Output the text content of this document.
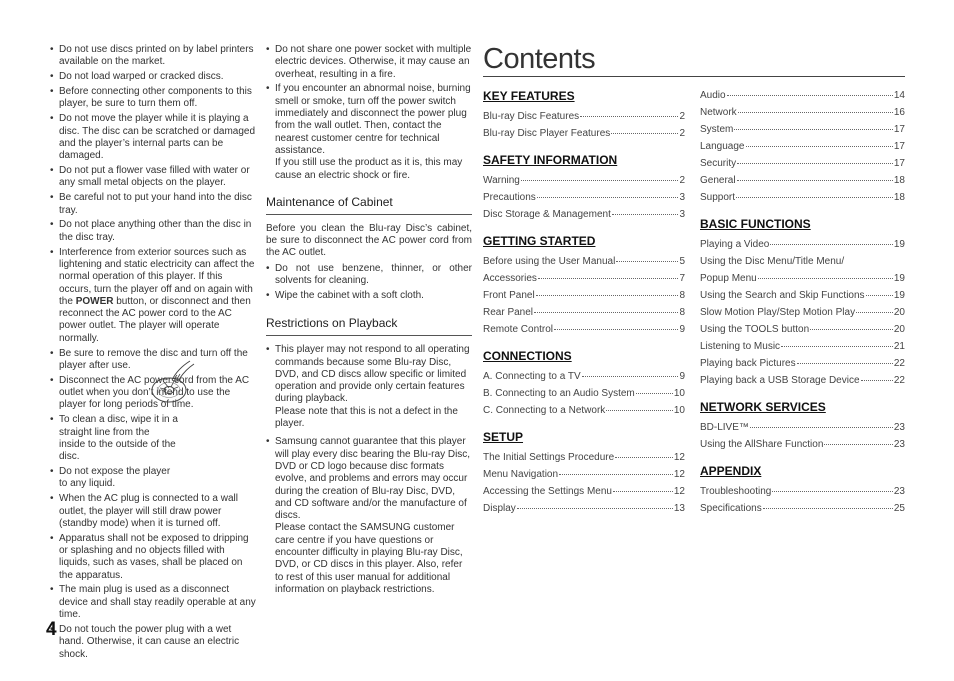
• Do not use discs printed on by label printers available on the market.
• Do not load warped or cracked discs.
• Before connecting other components to this player, be sure to turn them off.
• Do not move the player while it is playing a disc. The disc can be scratched or damaged and the player’s internal parts can be damaged.
• Do not put a flower vase filled with water or any small metal objects on the player.
• Be careful not to put your hand into the disc tray.
• Do not place anything other than the disc in the disc tray.
• Interference from exterior sources such as lightening and static electricity can affect the normal operation of this player. If this occurs, turn the player off and on again with the POWER button, or disconnect and then reconnect the AC power cord to the AC power outlet. The player will operate normally.
• Be sure to remove the disc and turn off the player after use.
• Disconnect the AC power cord from the AC outlet when you don’t intend to use the player for long periods of time.
• To clean a disc, wipe it in a straight line from the inside to the outside of the disc.
• Do not expose the player to any liquid.
• When the AC plug is connected to a wall outlet, the player will still draw power (standby mode) when it is turned off.
• Apparatus shall not be exposed to dripping or splashing and no objects filled with liquids, such as vases, shall be placed on the apparatus.
• The main plug is used as a disconnect device and shall stay readily operable at any time.
• Do not touch the power plug with a wet hand. Otherwise, it can cause an electric shock.
• Do not share one power socket with multiple electric devices. Otherwise, it may cause an overheat, resulting in a fire.
• If you encounter an abnormal noise, burning smell or smoke, turn off the power switch immediately and disconnect the power plug from the wall outlet. Then, contact the nearest customer centre for technical assistance.
If you still use the product as it is, this may cause an electric shock or fire.
Maintenance of Cabinet

Before you clean the Blu-ray Disc’s cabinet, be sure to disconnect the AC power cord from the AC outlet.

• Do not use benzene, thinner, or other solvents for cleaning.
• Wipe the cabinet with a soft cloth.
Restrictions on Playback
• This player may not respond to all operating commands because some Blu-ray Disc, DVD, and CD discs allow specific or limited operation and provide only certain features during playback.
Please note that this is not a defect in the player.
• Samsung cannot guarantee that this player will play every disc bearing the Blu-ray Disc, DVD or CD logo because disc formats evolve, and problems and errors may occur during the creation of Blu-ray Disc, DVD, and CD software and/or the manufacture of discs.
Please contact the SAMSUNG customer care centre if you have questions or encounter difficulty in playing Blu-ray Disc, DVD, or CD discs in this player. Also, refer to rest of this user manual for additional information on playback restrictions.
Contents
KEY FEATURES
Blu-ray Disc Features	2
Blu-ray Disc Player Features	2
SAFETY INFORMATION
Warning	2
Precautions	3
Disc Storage & Management	3
GETTING STARTED
Before using the User Manual	5
Accessories	7
Front Panel	8
Rear Panel	8
Remote Control	9
CONNECTIONS
A. Connecting to a TV	9
B. Connecting to an Audio System	10
C. Connecting to a Network	10
SETUP
The Initial Settings Procedure	12
Menu Navigation	12
Accessing the Settings Menu	12
Display	13
Audio	14
Network	16
System	17
Language	17
Security	17
General	18
Support	18
BASIC FUNCTIONS
Playing a Video	19
Using the Disc Menu/Title Menu/
Popup Menu	19
Using the Search and Skip Functions	19
Slow Motion Play/Step Motion Play	20
Using the TOOLS button	20
Listening to Music	21
Playing back Pictures	22
Playing back a USB Storage Device	22
NETWORK SERVICES
BD-LIVE™	23
Using the AllShare Function	23
APPENDIX
Troubleshooting	23
Specifications	25
4
